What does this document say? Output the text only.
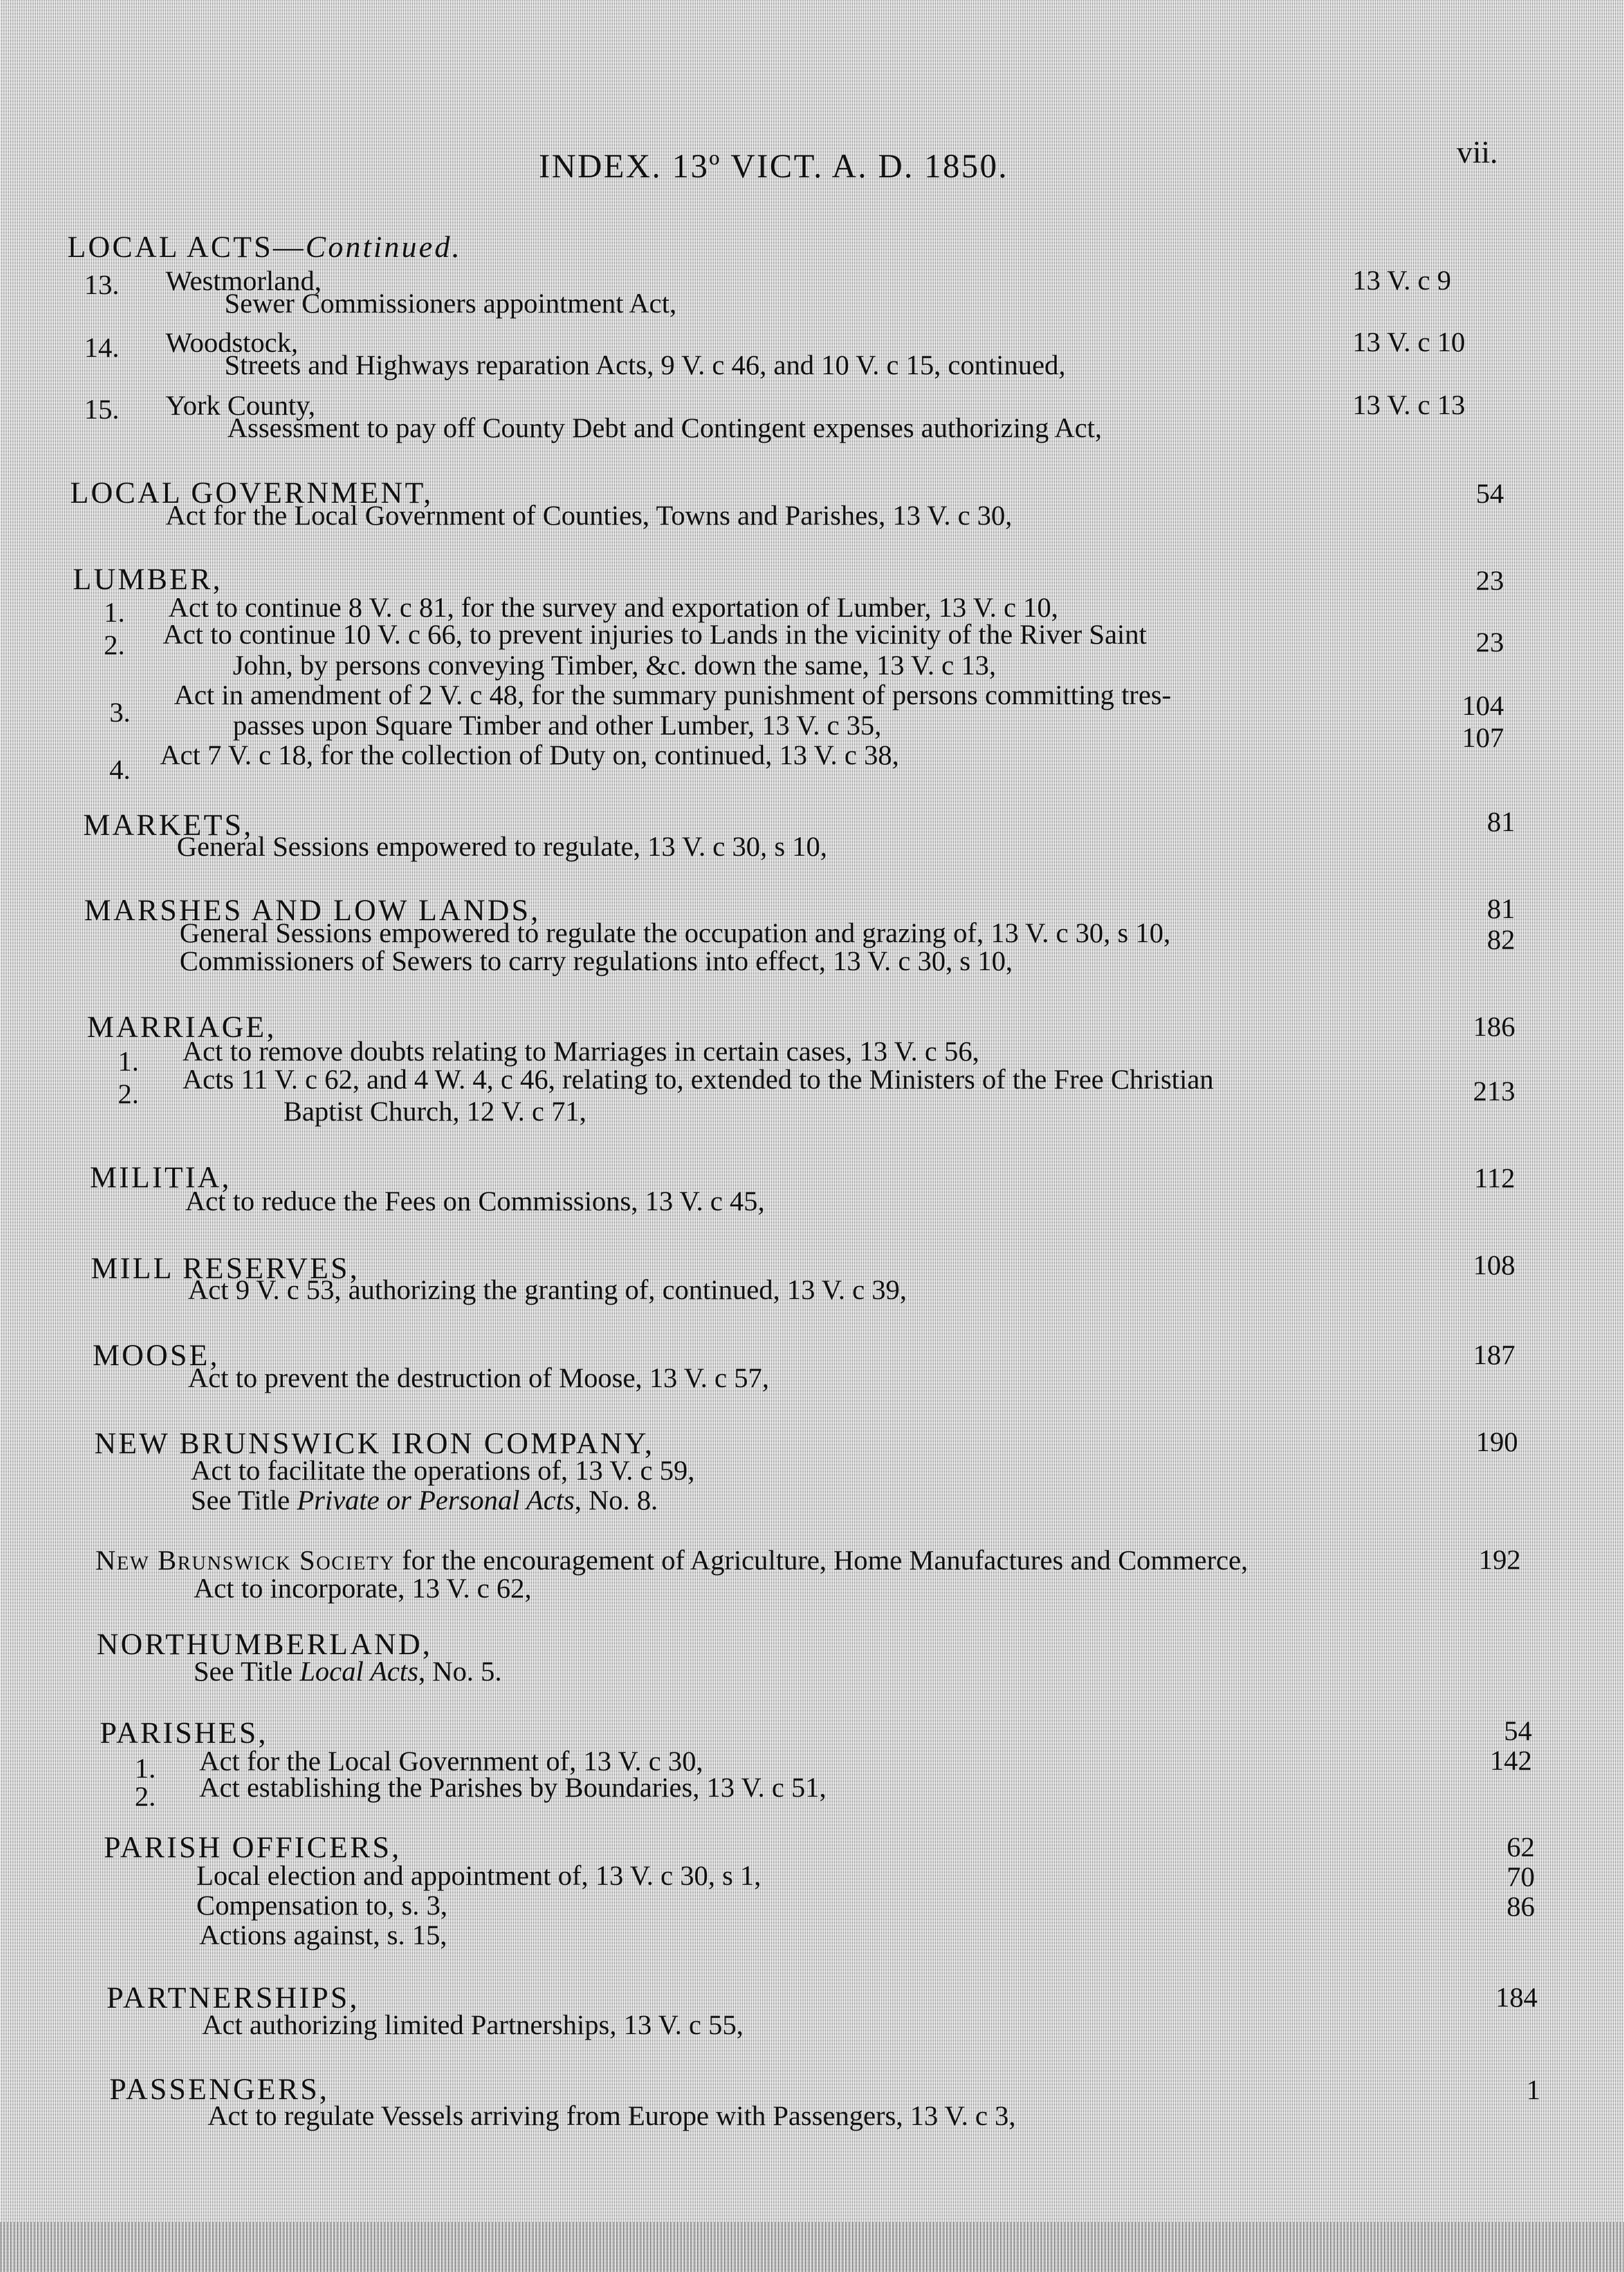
INDEX. 13º VICT. A. D. 1850.	vii.
LOCAL ACTS—Continued.
13. Westmorland,
Sewer Commissioners appointment Act,
13 V. c 9
14. Woodstock,
Streets and Highways reparation Acts, 9 V. c 46, and 10 V. c 15, continued,
13 V. c 10
15. York County,
Assessment to pay off County Debt and Contingent expenses authorizing Act,
13 V. c 13
LOCAL GOVERNMENT,
Act for the Local Government of Counties, Towns and Parishes, 13 V. c 30,
54
LUMBER,
1. Act to continue 8 V. c 81, for the survey and exportation of Lumber, 13 V. c 10,
23
2. Act to continue 10 V. c 66, to prevent injuries to Lands in the vicinity of the River Saint
John, by persons conveying Timber, &c. down the same, 13 V. c 13,
23
3.
Act in amendment of 2 V. c 48, for the summary punishment of persons committing tres-
passes upon Square Timber and other Lumber, 13 V. c 35,
104
4. Act 7 V. c 18, for the collection of Duty on, continued, 13 V. c 38,
107
MARKETS,
General Sessions empowered to regulate, 13 V. c 30, s 10,
81
MARSHES AND LOW LANDS,
General Sessions empowered to regulate the occupation and grazing of, 13 V. c 30, s 10,
81
Commissioners of Sewers to carry regulations into effect, 13 V. c 30, s 10,
82
MARRIAGE,
1. Act to remove doubts relating to Marriages in certain cases, 13 V. c 56,
186
2. Acts 11 V. c 62, and 4 W. 4, c 46, relating to, extended to the Ministers of the Free Christian
Baptist Church, 12 V. c 71,
213
MILITIA,
Act to reduce the Fees on Commissions, 13 V. c 45,
112
MILL RESERVES,
Act 9 V. c 53, authorizing the granting of, continued, 13 V. c 39,
108
MOOSE,
Act to prevent the destruction of Moose, 13 V. c 57,
187
NEW BRUNSWICK IRON COMPANY,
Act to facilitate the operations of, 13 V. c 59,
190
See Title Private or Personal Acts, No. 8.
New Brunswick Society for the encouragement of Agriculture, Home Manufactures and Commerce,
Act to incorporate, 13 V. c 62,
192
NORTHUMBERLAND,
See Title Local Acts, No. 5.
PARISHES,
1. Act for the Local Government of, 13 V. c 30,
54
2. Act establishing the Parishes by Boundaries, 13 V. c 51,
142
PARISH OFFICERS,
Local election and appointment of, 13 V. c 30, s 1,
62
Compensation to, s. 3,
70
Actions against, s. 15,
86
PARTNERSHIPS,
Act authorizing limited Partnerships, 13 V. c 55,
184
PASSENGERS,
Act to regulate Vessels arriving from Europe with Passengers, 13 V. c 3,
1
